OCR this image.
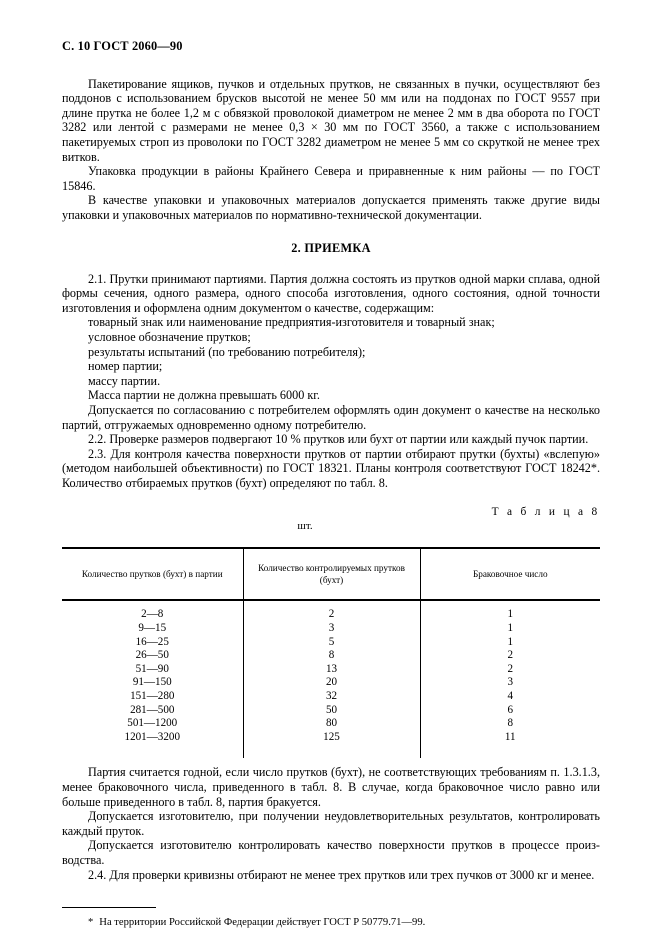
С. 10 ГОСТ 2060—90

Пакетирование ящиков, пучков и отдельных прутков, не связанных в пучки, осуществляют без поддонов с использованием брусков высотой не менее 50 мм или на поддонах по ГОСТ 9557 при длине прутка не более 1,2 м с обвязкой проволокой диаметром не менее 2 мм в два оборота по ГОСТ 3282 или лентой с размерами не менее 0,3 × 30 мм по ГОСТ 3560, а также с использованием пакетируемых строп из проволоки по ГОСТ 3282 диаметром не менее 5 мм со скруткой не менее трех витков.

Упаковка продукции в районы Крайнего Севера и приравненные к ним районы — по ГОСТ 15846.

В качестве упаковки и упаковочных материалов допускается применять также другие виды упаковки и упаковочных материалов по нормативно-технической документации.

2. ПРИЕМКА

2.1. Прутки принимают партиями. Партия должна состоять из прутков одной марки сплава, одной формы сечения, одного размера, одного способа изготовления, одного состояния, одной точности изготовления и оформлена одним документом о качестве, содержащим:

товарный знак или наименование предприятия-изготовителя и товарный знак;
условное обозначение прутков;
результаты испытаний (по требованию потребителя);
номер партии;
массу партии.
Масса партии не должна превышать 6000 кг.

Допускается по согласованию с потребителем оформлять один документ о качестве на несколько партий, отгружаемых одновременно одному потребителю.

2.2. Проверке размеров подвергают 10 % прутков или бухт от партии или каждый пучок партии.

2.3. Для контроля качества поверхности прутков от партии отбирают прутки (бухты) «вслепую» (методом наибольшей объективности) по ГОСТ 18321. Планы контроля соответствуют ГОСТ 18242*. Количество отбираемых прутков (бухт) определяют по табл. 8.

Т а б л и ц а 8
шт.
Количество прутков (бухт) в партии	Количество контролируемых прутков (бухт)	Браковочное число
2—8	2	1
9—15	3	1
16—25	5	1
26—50	8	2
51—90	13	2
91—150	20	3
151—280	32	4
281—500	50	6
501—1200	80	8
1201—3200	125	11

Партия считается годной, если число прутков (бухт), не соответствующих требованиям п. 1.3.1.3, менее браковочного числа, приведенного в табл. 8. В случае, когда браковочное число равно или больше приведенного в табл. 8, партия бракуется.

Допускается изготовителю, при получении неудовлетворительных результатов, контролировать каждый пруток.

Допускается изготовителю контролировать качество поверхности прутков в процессе произ-водства.

2.4. Для проверки кривизны отбирают не менее трех прутков или трех пучков от 3000 кг и менее.

* На территории Российской Федерации действует ГОСТ Р 50779.71—99.
